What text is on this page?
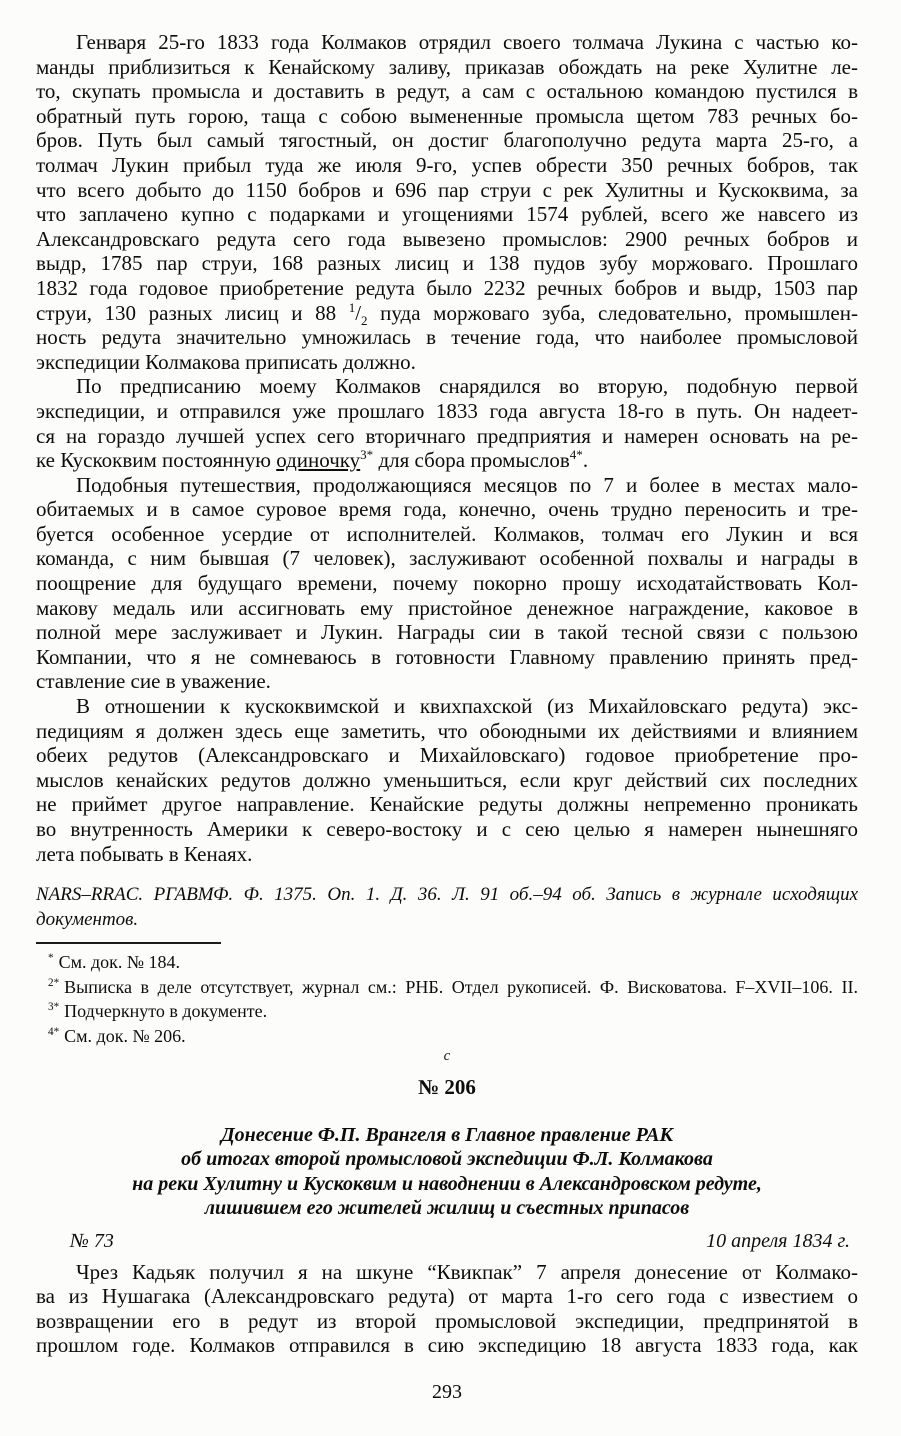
Генваря 25-го 1833 года Колмаков отрядил своего толмача Лукина с частью ко-
манды приблизиться к Кенайскому заливу, приказав обождать на реке Хулитне ле-
то, скупать промысла и доставить в редут, а сам с остальною командою пустился в
обратный путь горою, таща с собою вымененные промысла щетом 783 речных бо-
бров. Путь был самый тягостный, он достиг благополучно редута марта 25-го, а
толмач Лукин прибыл туда же июля 9-го, успев обрести 350 речных бобров, так
что всего добыто до 1150 бобров и 696 пар струи с рек Хулитны и Кускоквима, за
что заплачено купно с подарками и угощениями 1574 рублей, всего же навсего из
Александровскаго редута сего года вывезено промыслов: 2900 речных бобров и
выдр, 1785 пар струи, 168 разных лисиц и 138 пудов зубу моржоваго. Прошлаго
1832 года годовое приобретение редута было 2232 речных бобров и выдр, 1503 пар
струи, 130 разных лисиц и 88 $^1/_2$ пуда моржоваго зуба, следовательно, промышлен-
ность редута значительно умножилась в течение года, что наиболее промысловой
экспедиции Колмакова приписать должно.
По предписанию моему Колмаков снарядился во вторую, подобную первой
экспедиции, и отправился уже прошлаго 1833 года августа 18-го в путь. Он надеет-
ся на гораздо лучшей успех сего вторичнаго предприятия и намерен основать на ре-
ке Кускоквим постоянную одиночку$^{3*}$ для сбора промыслов$^{4*}$.
Подобныя путешествия, продолжающияся месяцов по 7 и более в местах мало-
обитаемых и в самое суровое время года, конечно, очень трудно переносить и тре-
буется особенное усердие от исполнителей. Колмаков, толмач его Лукин и вся
команда, с ним бывшая (7 человек), заслуживают особенной похвалы и награды в
поощрение для будущаго времени, почему покорно прошу исходатайствовать Кол-
макову медаль или ассигновать ему пристойное денежное награждение, каковое в
полной мере заслуживает и Лукин. Награды сии в такой тесной связи с пользою
Компании, что я не сомневаюсь в готовности Главному правлению принять пред-
ставление сие в уважение.
В отношении к кускоквимской и квихпахской (из Михайловскаго редута) экс-
педициям я должен здесь еще заметить, что обоюдными их действиями и влиянием
обеих редутов (Александровскаго и Михайловскаго) годовое приобретение про-
мыслов кенайских редутов должно уменьшиться, если круг действий сих последних
не приймет другое направление. Кенайские редуты должны непременно проникать
во внутренность Америки к северо-востоку и с сею целью я намерен нынешняго
лета побывать в Кенаях.
NARS–RRAC. РГАВМФ. Ф. 1375. Оп. 1. Д. 36. Л. 91 об.–94 об. Запись в журнале исходящих
документов.
* См. док. № 184.
$^{2*}$ Выписка в деле отсутствует, журнал см.: РНБ. Отдел рукописей. Ф. Висковатова. F–XVII–106. II.
$^{3*}$ Подчеркнуто в документе.
$^{4*}$ См. док. № 206.
c
№ 206
Донесение Ф.П. Врангеля в Главное правление РАК
об итогах второй промысловой экспедиции Ф.Л. Колмакова
на реки Хулитну и Кускоквим и наводнении в Александровском редуте,
лишившем его жителей жилищ и съестных припасов
№ 73	10 апреля 1834 г.
Чрез Кадьяк получил я на шкуне “Квикпак” 7 апреля донесение от Колмако-
ва из Нушагака (Александровскаго редута) от марта 1-го сего года с известием о
возвращении его в редут из второй промысловой экспедиции, предпринятой в
прошлом годе. Колмаков отправился в сию экспедицию 18 августа 1833 года, как
293
